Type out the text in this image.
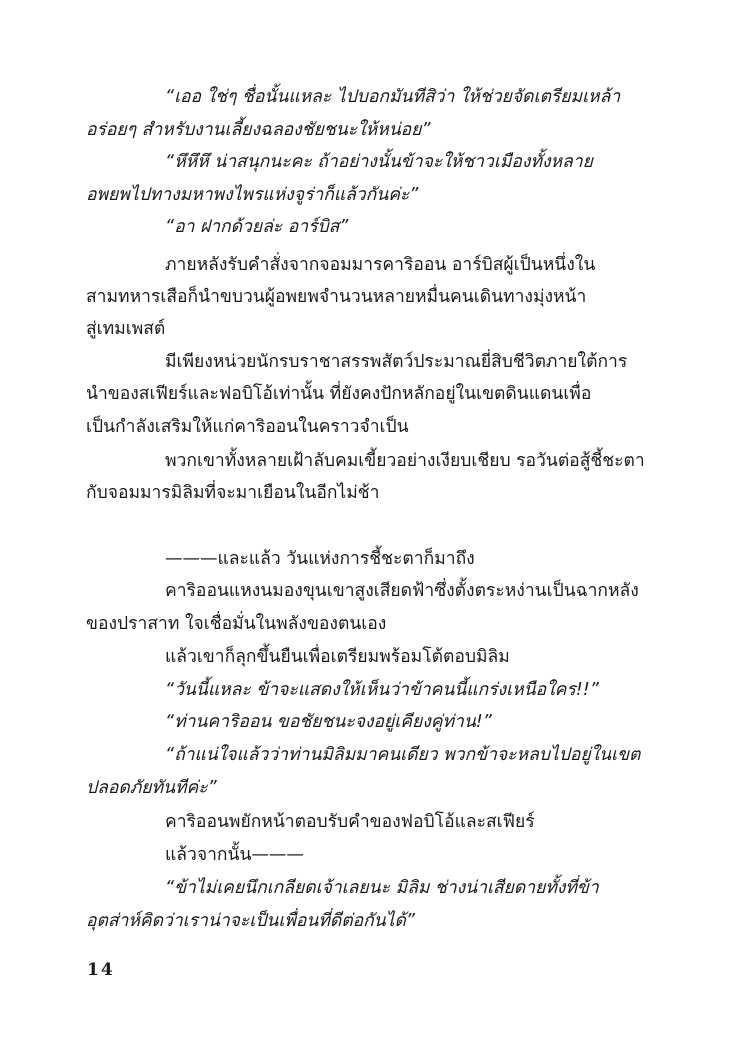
“เออ ใช่ๆ ชื่อนั้นแหละ ไปบอกมันทีสิว่า ให้ช่วยจัดเตรียมเหล้า
อร่อยๆ สำหรับงานเลี้ยงฉลองชัยชนะให้หน่อย”
“หึหึหึ น่าสนุกนะคะ ถ้าอย่างนั้นข้าจะให้ชาวเมืองทั้งหลาย
อพยพไปทางมหาพงไพรแห่งจูร่าก็แล้วกันค่ะ”
“อา ฝากด้วยล่ะ อาร์บิส”
ภายหลังรับคำสั่งจากจอมมารคาริออน อาร์บิสผู้เป็นหนึ่งใน
สามทหารเสือก็นำขบวนผู้อพยพจำนวนหลายหมื่นคนเดินทางมุ่งหน้า
สู่เทมเพสต์
มีเพียงหน่วยนักรบราชาสรรพสัตว์ประมาณยี่สิบชีวิตภายใต้การ
นำของสเฟียร์และฟอบิโอ้เท่านั้น ที่ยังคงปักหลักอยู่ในเขตดินแดนเพื่อ
เป็นกำลังเสริมให้แก่คาริออนในคราวจำเป็น
พวกเขาทั้งหลายเฝ้าลับคมเขี้ยวอย่างเงียบเชียบ รอวันต่อสู้ชี้ชะตา
กับจอมมารมิลิมที่จะมาเยือนในอีกไม่ช้า
———และแล้ว วันแห่งการชี้ชะตาก็มาถึง
คาริออนแหงนมองขุนเขาสูงเสียดฟ้าซึ่งตั้งตระหง่านเป็นฉากหลัง
ของปราสาท ใจเชื่อมั่นในพลังของตนเอง
แล้วเขาก็ลุกขึ้นยืนเพื่อเตรียมพร้อมโต้ตอบมิลิม
“วันนี้แหละ ข้าจะแสดงให้เห็นว่าข้าคนนี้แกร่งเหนือใคร!!”
“ท่านคาริออน ขอชัยชนะจงอยู่เคียงคู่ท่าน!”
“ถ้าแน่ใจแล้วว่าท่านมิลิมมาคนเดียว พวกข้าจะหลบไปอยู่ในเขต
ปลอดภัยทันทีค่ะ”
คาริออนพยักหน้าตอบรับคำของฟอบิโอ้และสเฟียร์
แล้วจากนั้น———
“ข้าไม่เคยนึกเกลียดเจ้าเลยนะ มิลิม ช่างน่าเสียดายทั้งที่ข้า
อุตส่าห์คิดว่าเราน่าจะเป็นเพื่อนที่ดีต่อกันได้”
14
